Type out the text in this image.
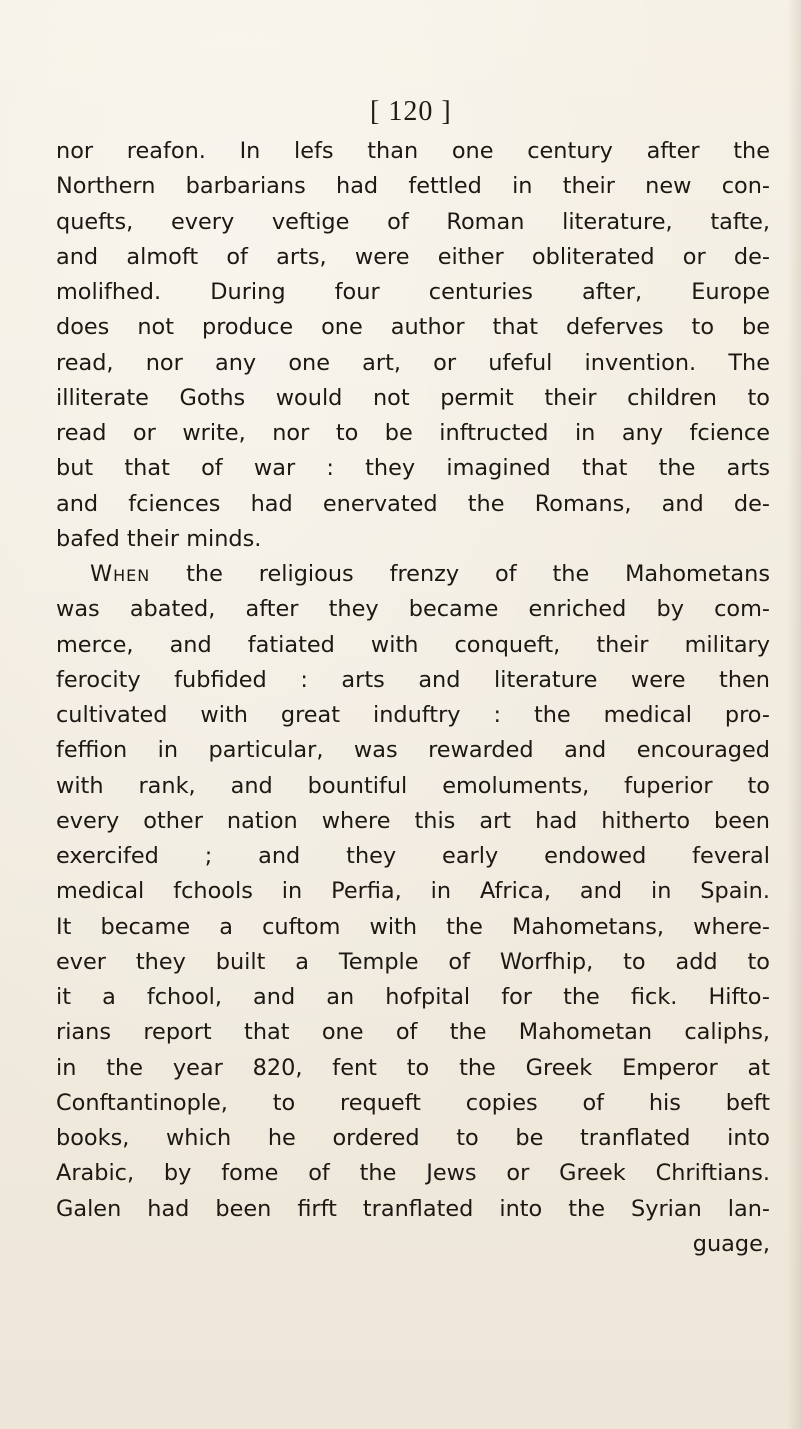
[ 120 ]
nor reafon. In lefs than one century after the
Northern barbarians had fettled in their new con-
quefts, every veftige of Roman literature, tafte,
and almoft of arts, were either obliterated or de-
molifhed. During four centuries after, Europe
does not produce one author that deferves to be
read, nor any one art, or ufeful invention. The
illiterate Goths would not permit their children to
read or write, nor to be inftructed in any fcience
but that of war : they imagined that the arts
and fciences had enervated the Romans, and de-
bafed their minds.
When the religious frenzy of the Mahometans
was abated, after they became enriched by com-
merce, and fatiated with conqueft, their military
ferocity fubfided : arts and literature were then
cultivated with great induftry : the medical pro-
feffion in particular, was rewarded and encouraged
with rank, and bountiful emoluments, fuperior to
every other nation where this art had hitherto been
exercifed ; and they early endowed feveral
medical fchools in Perfia, in Africa, and in Spain.
It became a cuftom with the Mahometans, where-
ever they built a Temple of Worfhip, to add to
it a fchool, and an hofpital for the fick. Hifto-
rians report that one of the Mahometan caliphs,
in the year 820, fent to the Greek Emperor at
Conftantinople, to requeft copies of his beft
books, which he ordered to be tranflated into
Arabic, by fome of the Jews or Greek Chriftians.
Galen had been firft tranflated into the Syrian lan-
guage,
